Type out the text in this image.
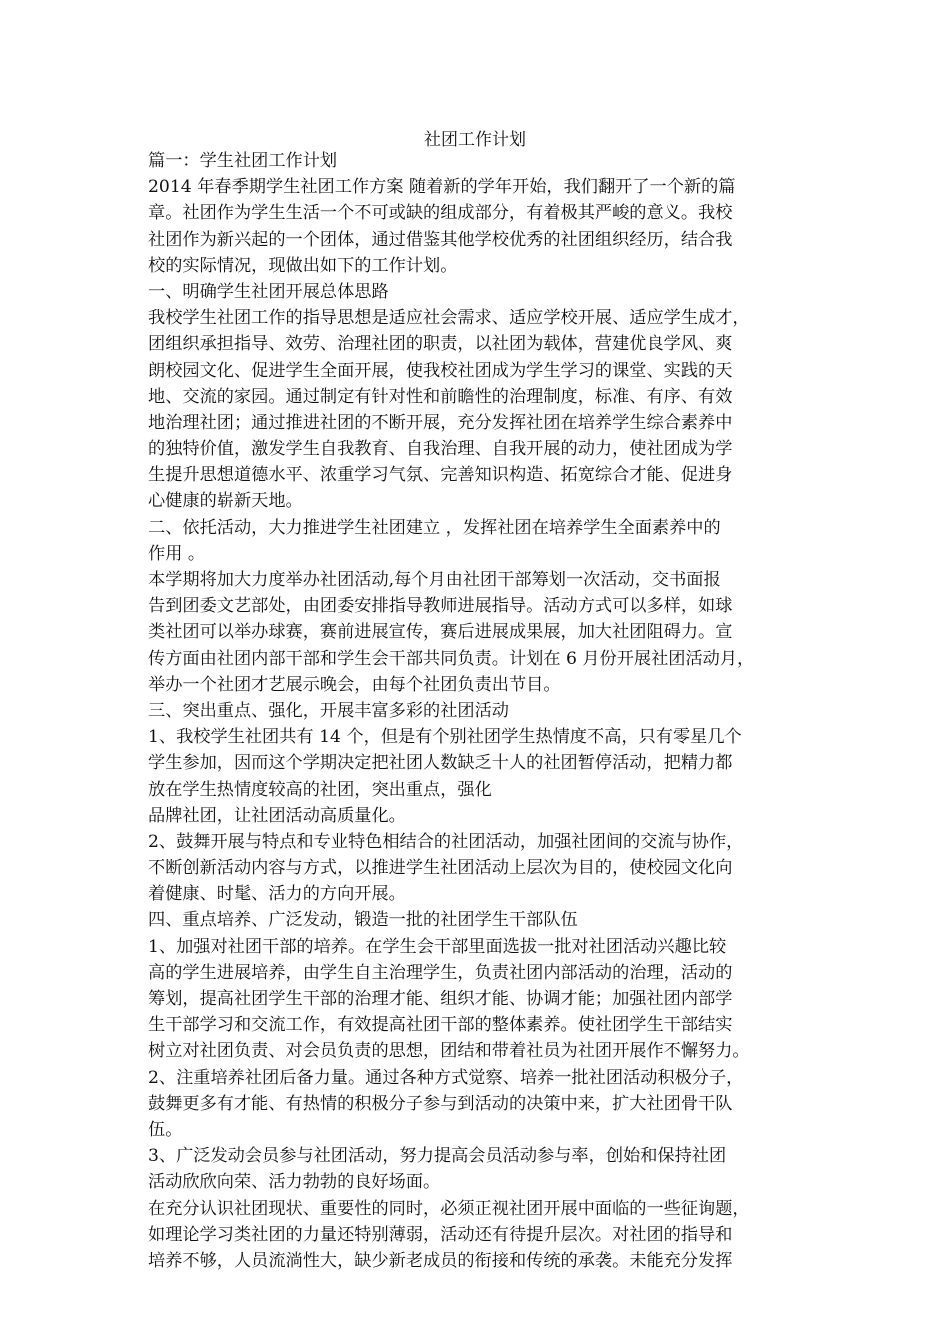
社团工作计划
篇一：学生社团工作计划
2014 年春季期学生社团工作方案 随着新的学年开始，我们翻开了一个新的篇
章。社团作为学生生活一个不可或缺的组成部分，有着极其严峻的意义。我校
社团作为新兴起的一个团体，通过借鉴其他学校优秀的社团组织经历，结合我
校的实际情况，现做出如下的工作计划。
一、明确学生社团开展总体思路
我校学生社团工作的指导思想是适应社会需求、适应学校开展、适应学生成才，
团组织承担指导、效劳、治理社团的职责，以社团为载体，营建优良学风、爽
朗校园文化、促进学生全面开展，使我校社团成为学生学习的课堂、实践的天
地、交流的家园。通过制定有针对性和前瞻性的治理制度，标准、有序、有效
地治理社团；通过推进社团的不断开展，充分发挥社团在培养学生综合素养中
的独特价值，激发学生自我教育、自我治理、自我开展的动力，使社团成为学
生提升思想道德水平、浓重学习气氛、完善知识构造、拓宽综合才能、促进身
心健康的崭新天地。
二、依托活动，大力推进学生社团建立 ，发挥社团在培养学生全面素养中的
作用 。
本学期将加大力度举办社团活动,每个月由社团干部筹划一次活动，交书面报
告到团委文艺部处，由团委安排指导教师进展指导。活动方式可以多样，如球
类社团可以举办球赛，赛前进展宣传，赛后进展成果展，加大社团阻碍力。宣
传方面由社团内部干部和学生会干部共同负责。计划在 6 月份开展社团活动月，
举办一个社团才艺展示晚会，由每个社团负责出节目。
三、突出重点、强化，开展丰富多彩的社团活动
1、我校学生社团共有 14 个，但是有个别社团学生热情度不高，只有零星几个
学生参加，因而这个学期决定把社团人数缺乏十人的社团暂停活动，把精力都
放在学生热情度较高的社团，突出重点，强化
品牌社团，让社团活动高质量化。
2、鼓舞开展与特点和专业特色相结合的社团活动，加强社团间的交流与协作，
不断创新活动内容与方式，以推进学生社团活动上层次为目的，使校园文化向
着健康、时髦、活力的方向开展。
四、重点培养、广泛发动，锻造一批的社团学生干部队伍
1、加强对社团干部的培养。在学生会干部里面选拔一批对社团活动兴趣比较
高的学生进展培养，由学生自主治理学生，负责社团内部活动的治理，活动的
筹划，提高社团学生干部的治理才能、组织才能、协调才能；加强社团内部学
生干部学习和交流工作，有效提高社团干部的整体素养。使社团学生干部结实
树立对社团负责、对会员负责的思想，团结和带着社员为社团开展作不懈努力。
2、注重培养社团后备力量。通过各种方式觉察、培养一批社团活动积极分子，
鼓舞更多有才能、有热情的积极分子参与到活动的决策中来，扩大社团骨干队
伍。
3、广泛发动会员参与社团活动，努力提高会员活动参与率，创始和保持社团
活动欣欣向荣、活力勃勃的良好场面。
在充分认识社团现状、重要性的同时，必须正视社团开展中面临的一些征询题，
如理论学习类社团的力量还特别薄弱，活动还有待提升层次。对社团的指导和
培养不够，人员流淌性大，缺少新老成员的衔接和传统的承袭。未能充分发挥
